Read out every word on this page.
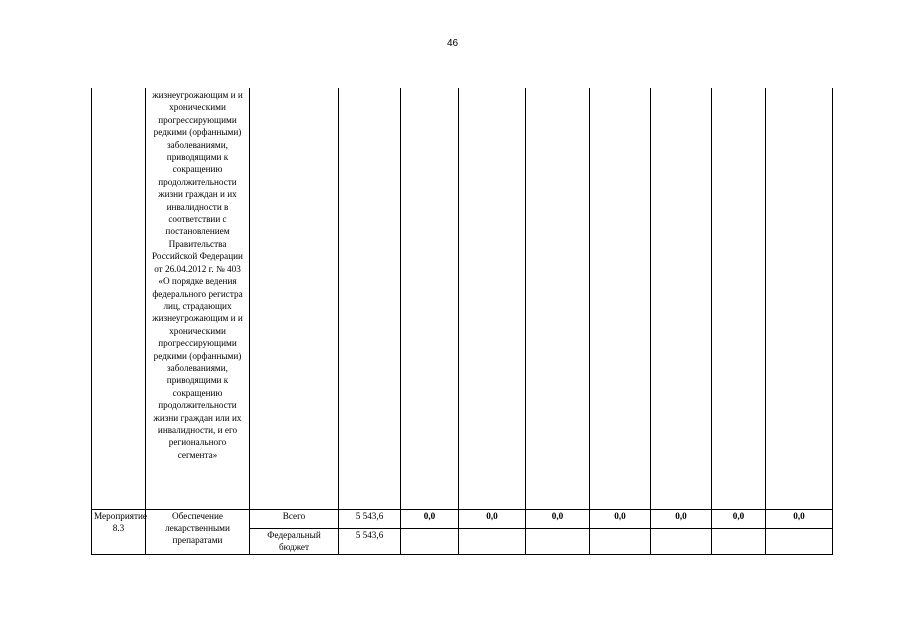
46

	жизнеугрожающим и и хроническими прогрессирующими редкими (орфанными) заболеваниями, приводящими к сокращению продолжительности жизни граждан и их инвалидности в соответствии с постановлением Правительства Российской Федерации от 26.04.2012 г. № 403 «О порядке ведения федерального регистра лиц, страдающих жизнеугрожающим и и хроническими прогрессирующими редкими (орфанными) заболеваниями, приводящими к сокращению продолжительности жизни граждан или их инвалидности, и его регионального сегмента»									

Мероприятие 8.3	Обеспечение лекарственными препаратами	Всего	5 543,6	0,0	0,0	0,0	0,0	0,0	0,0	0,0
		Федеральный бюджет	5 543,6							
